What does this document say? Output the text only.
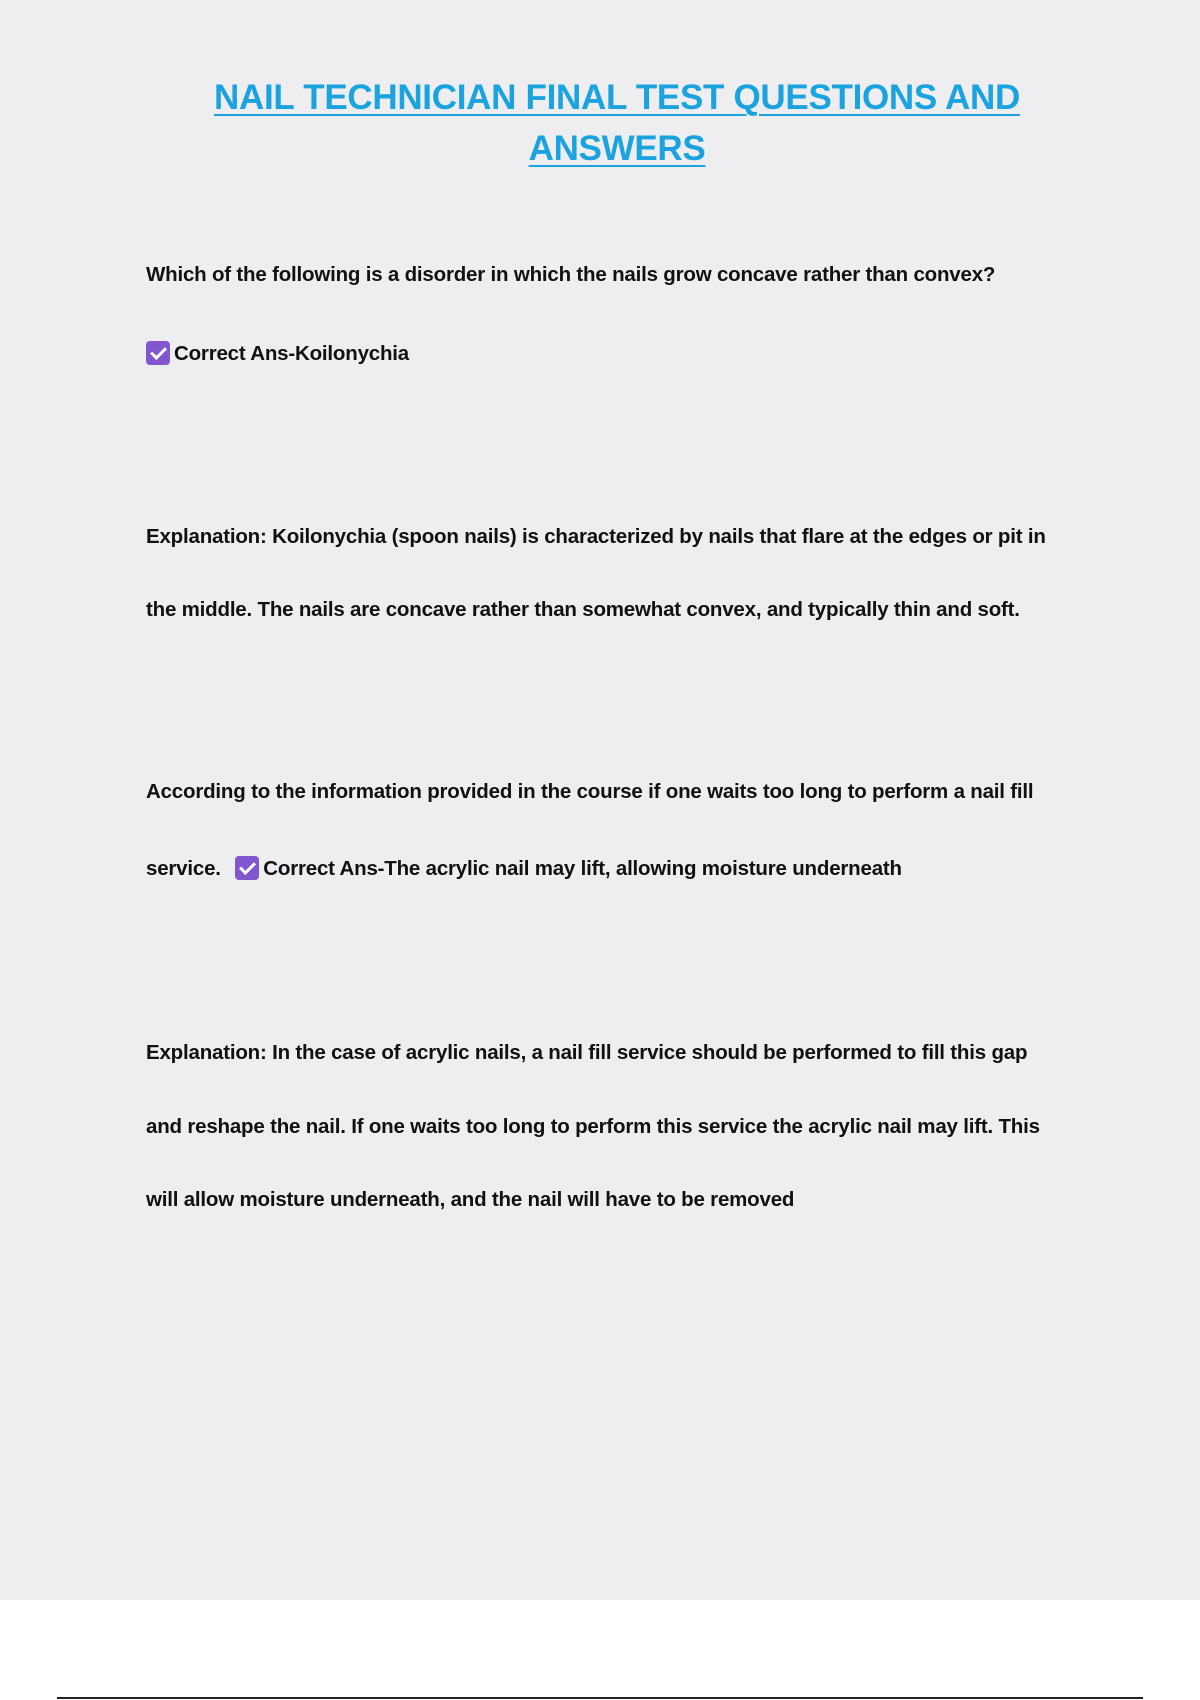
NAIL TECHNICIAN FINAL TEST QUESTIONS AND
ANSWERS

Which of the following is a disorder in which the nails grow concave rather than convex?

Correct Ans-Koilonychia

Explanation: Koilonychia (spoon nails) is characterized by nails that flare at the edges or pit in

the middle. The nails are concave rather than somewhat convex, and typically thin and soft.

According to the information provided in the course if one waits too long to perform a nail fill

service. Correct Ans-The acrylic nail may lift, allowing moisture underneath

Explanation: In the case of acrylic nails, a nail fill service should be performed to fill this gap

and reshape the nail. If one waits too long to perform this service the acrylic nail may lift. This

will allow moisture underneath, and the nail will have to be removed
